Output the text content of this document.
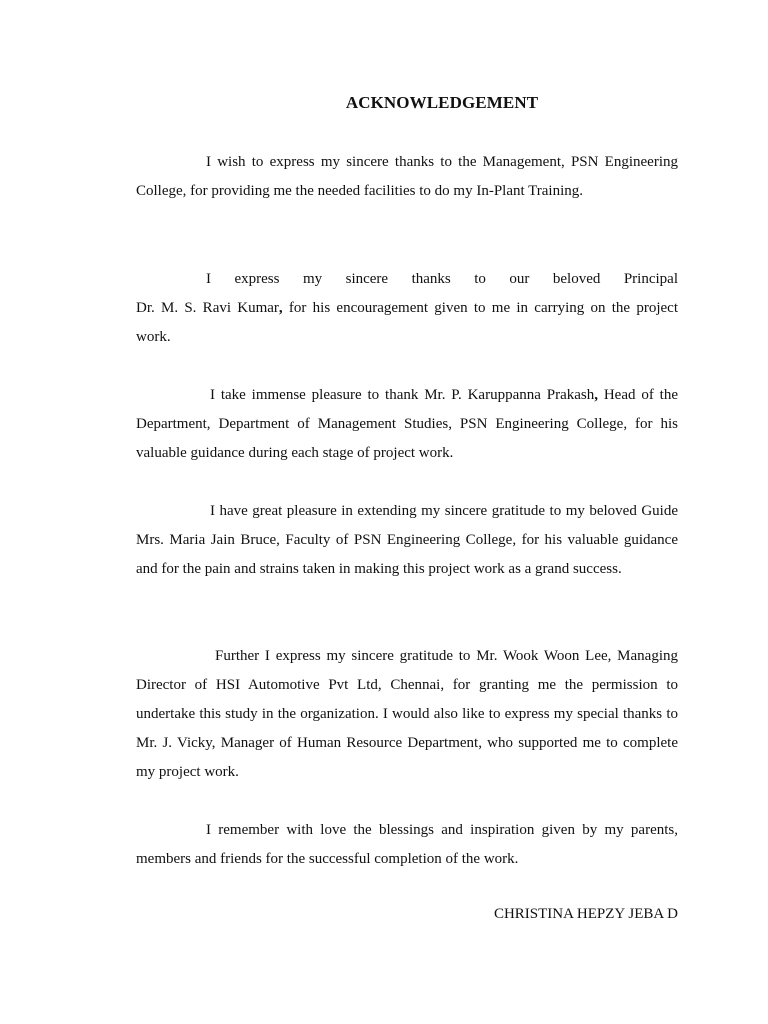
ACKNOWLEDGEMENT

I wish to express my sincere thanks to the Management, PSN Engineering College, for providing me the needed facilities to do my In-Plant Training.

I express my sincere thanks to our beloved Principal
Dr. M. S. Ravi Kumar, for his encouragement given to me in carrying on the project work.

I take immense pleasure to thank Mr. P. Karuppanna Prakash, Head of the Department, Department of Management Studies, PSN Engineering College, for his valuable guidance during each stage of project work.

I have great pleasure in extending my sincere gratitude to my beloved Guide Mrs. Maria Jain Bruce, Faculty of PSN Engineering College, for his valuable guidance and for the pain and strains taken in making this project work as a grand success.

Further I express my sincere gratitude to Mr. Wook Woon Lee, Managing Director of HSI Automotive Pvt Ltd, Chennai, for granting me the permission to undertake this study in the organization. I would also like to express my special thanks to Mr. J. Vicky, Manager of Human Resource Department, who supported me to complete my project work.

I remember with love the blessings and inspiration given by my parents, members and friends for the successful completion of the work.

CHRISTINA HEPZY JEBA D
